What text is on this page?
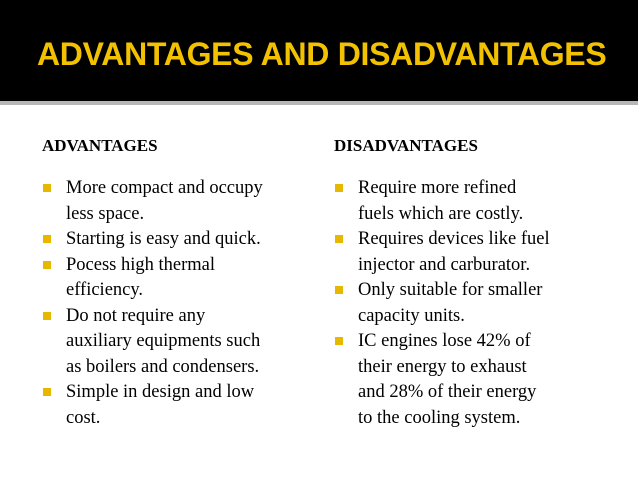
ADVANTAGES AND DISADVANTAGES
ADVANTAGES
More compact and occupy
less space.
Starting is easy and quick.
Pocess high thermal
efficiency.
Do not require any
auxiliary equipments such
as boilers and condensers.
Simple in design and low
cost.
DISADVANTAGES
Require more refined
fuels which are costly.
Requires devices like fuel
injector and carburator.
Only suitable for smaller
capacity units.
IC engines lose 42% of
their energy to exhaust
and 28% of their energy
to the cooling system.
